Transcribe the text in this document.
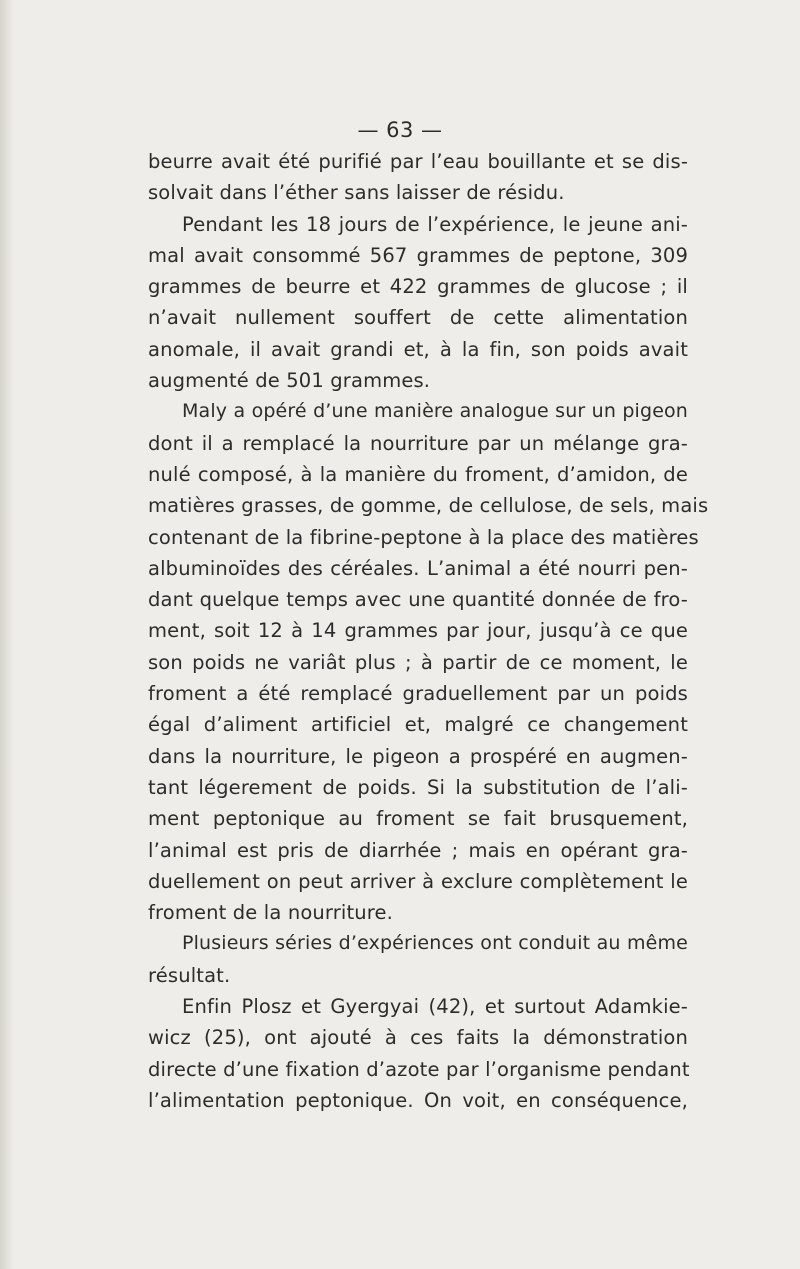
— 63 —
beurre avait été purifié par l’eau bouillante et se dis-
solvait dans l’éther sans laisser de résidu.
Pendant les 18 jours de l’expérience, le jeune ani-
mal avait consommé 567 grammes de peptone, 309
grammes de beurre et 422 grammes de glucose ; il
n’avait nullement souffert de cette alimentation
anomale, il avait grandi et, à la fin, son poids avait
augmenté de 501 grammes.
Maly a opéré d’une manière analogue sur un pigeon
dont il a remplacé la nourriture par un mélange gra-
nulé composé, à la manière du froment, d’amidon, de
matières grasses, de gomme, de cellulose, de sels, mais
contenant de la fibrine-peptone à la place des matières
albuminoïdes des céréales. L’animal a été nourri pen-
dant quelque temps avec une quantité donnée de fro-
ment, soit 12 à 14 grammes par jour, jusqu’à ce que
son poids ne variât plus ; à partir de ce moment, le
froment a été remplacé graduellement par un poids
égal d’aliment artificiel et, malgré ce changement
dans la nourriture, le pigeon a prospéré en augmen-
tant légerement de poids. Si la substitution de l’ali-
ment peptonique au froment se fait brusquement,
l’animal est pris de diarrhée ; mais en opérant gra-
duellement on peut arriver à exclure complètement le
froment de la nourriture.
Plusieurs séries d’expériences ont conduit au même
résultat.
Enfin Plosz et Gyergyai (42), et surtout Adamkie-
wicz (25), ont ajouté à ces faits la démonstration
directe d’une fixation d’azote par l’organisme pendant
l’alimentation peptonique. On voit, en conséquence,
